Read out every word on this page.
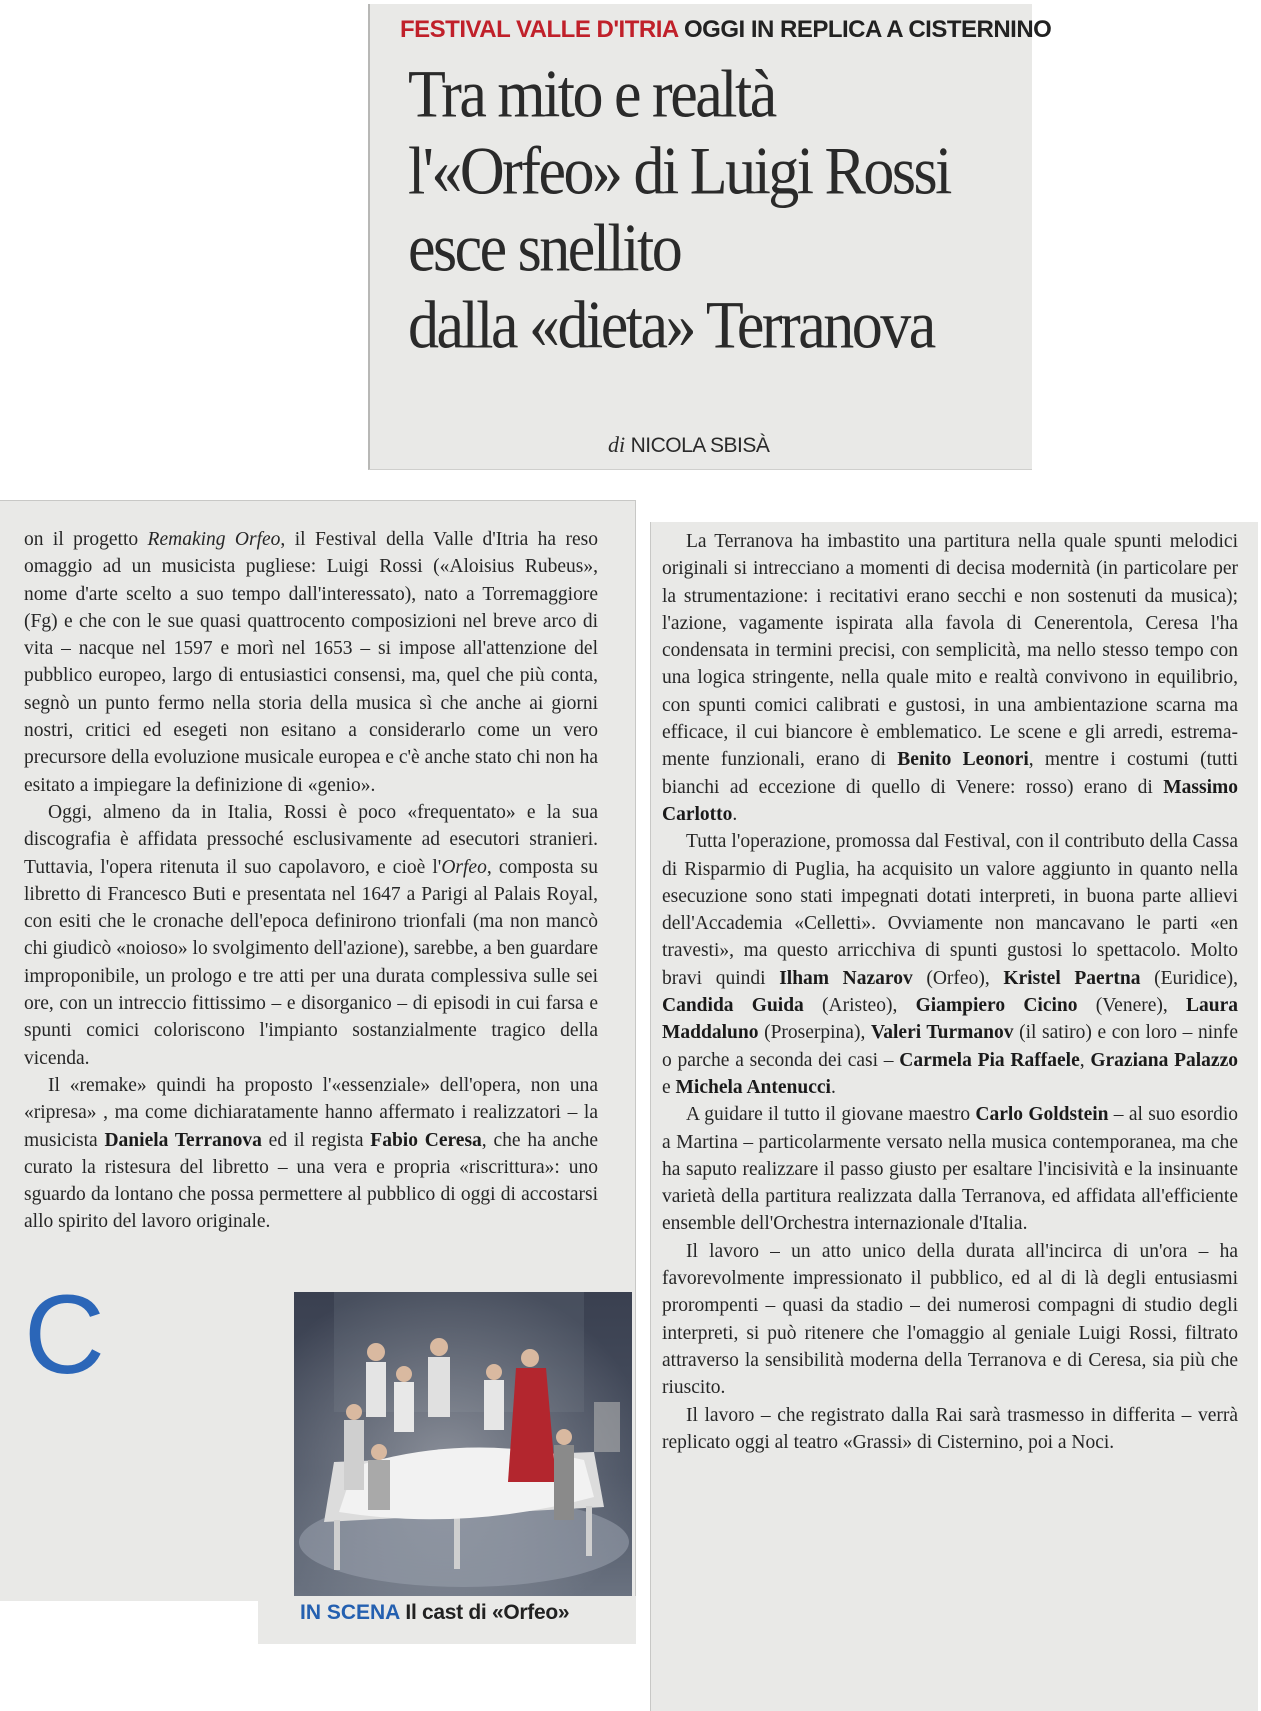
FESTIVAL VALLE D'ITRIA OGGI IN REPLICA A CISTERNINO
Tra mito e realtà
l'«Orfeo» di Luigi Rossi
esce snellito
dalla «dieta» Terranova
di NICOLA SBISÀ

C
on il progetto Remaking Orfeo, il Festival della Valle d'Itria ha reso omaggio ad un musicista pugliese: Luigi Rossi («Aloisius Rubeus», nome d'arte scelto a suo tempo dall'interessato), nato a Torremaggiore (Fg) e che con le sue quasi quattrocento composizioni nel breve arco di vita – nacque nel 1597 e morì nel 1653 – si impose all'attenzione del pubblico europeo, largo di entusiastici consensi, ma, quel che più conta, segnò un punto fermo nella storia della musica sì che anche ai giorni nostri, critici ed esegeti non esitano a considerarlo come un vero precursore della evoluzione musicale europea e c'è anche stato chi non ha esitato a impiegare la definizione di «genio».

Oggi, almeno da in Italia, Rossi è poco «frequentato» e la sua discografia è affidata pressoché esclusivamente ad esecutori stranieri. Tuttavia, l'opera ritenuta il suo capolavoro, e cioè l'Orfeo, composta su libretto di Francesco Buti e presentata nel 1647 a Parigi al Palais Royal, con esiti che le cronache dell'epoca definirono trionfali (ma non mancò chi giudicò «noioso» lo svolgimento dell'azione), sarebbe, a ben guardare improponibile, un prologo e tre atti per una durata complessiva sulle sei ore, con un intreccio fittissimo – e disorganico – di episodi in cui farsa e spunti comici coloriscono l'impianto sostanzialmente tragico della vicenda.

Il «remake» quindi ha proposto l'«essenziale» dell'opera, non una «ripresa» , ma come dichiaratamente hanno affermato i realizzatori – la musicista Daniela Terranova ed il regista Fabio Ceresa, che ha anche curato la ristesura del libretto – una vera e propria «riscrittura»: uno sguardo da lontano che possa permettere al pubblico di oggi di accostarsi allo spirito del lavoro originale.

IN SCENA Il cast di «Orfeo»

La Terranova ha imbastito una partitura nella quale spunti melodici originali si intrecciano a momenti di decisa modernità (in particolare per la strumentazione: i recitativi erano secchi e non sostenuti da musica); l'azione, vagamente ispirata alla favola di Cenerentola, Ceresa l'ha condensata in termini precisi, con semplicità, ma nello stesso tempo con una logica stringente, nella quale mito e realtà convivono in equilibrio, con spunti comici calibrati e gustosi, in una ambientazione scarna ma efficace, il cui biancore è emblematico. Le scene e gli arredi, estremamente funzionali, erano di Benito Leonori, mentre i costumi (tutti bianchi ad eccezione di quello di Venere: rosso) erano di Massimo Carlotto.

Tutta l'operazione, promossa dal Festival, con il contributo della Cassa di Risparmio di Puglia, ha acquisito un valore aggiunto in quanto nella esecuzione sono stati impegnati dotati interpreti, in buona parte allievi dell'Accademia «Celletti». Ovviamente non mancavano le parti «en travesti», ma questo arricchiva di spunti gustosi lo spettacolo. Molto bravi quindi Ilham Nazarov (Orfeo), Kristel Paertna (Euridice), Candida Guida (Aristeo), Giampiero Cicino (Venere), Laura Maddaluno (Proserpina), Valeri Turmanov (il satiro) e con loro – ninfe o parche a seconda dei casi – Carmela Pia Raffaele, Graziana Palazzo e Michela Antenucci.

A guidare il tutto il giovane maestro Carlo Goldstein – al suo esordio a Martina – particolarmente versato nella musica contemporanea, ma che ha saputo realizzare il passo giusto per esaltare l'incisività e la insinuante varietà della partitura realizzata dalla Terranova, ed affidata all'efficiente ensemble dell'Orchestra internazionale d'Italia.

Il lavoro – un atto unico della durata all'incirca di un'ora – ha favorevolmente impressionato il pubblico, ed al di là degli entusiasmi prorompenti – quasi da stadio – dei numerosi compagni di studio degli interpreti, si può ritenere che l'omaggio al geniale Luigi Rossi, filtrato attraverso la sensibilità moderna della Terranova e di Ceresa, sia più che riuscito.

Il lavoro – che registrato dalla Rai sarà trasmesso in differita – verrà replicato oggi al teatro «Grassi» di Cisternino, poi a Noci.
